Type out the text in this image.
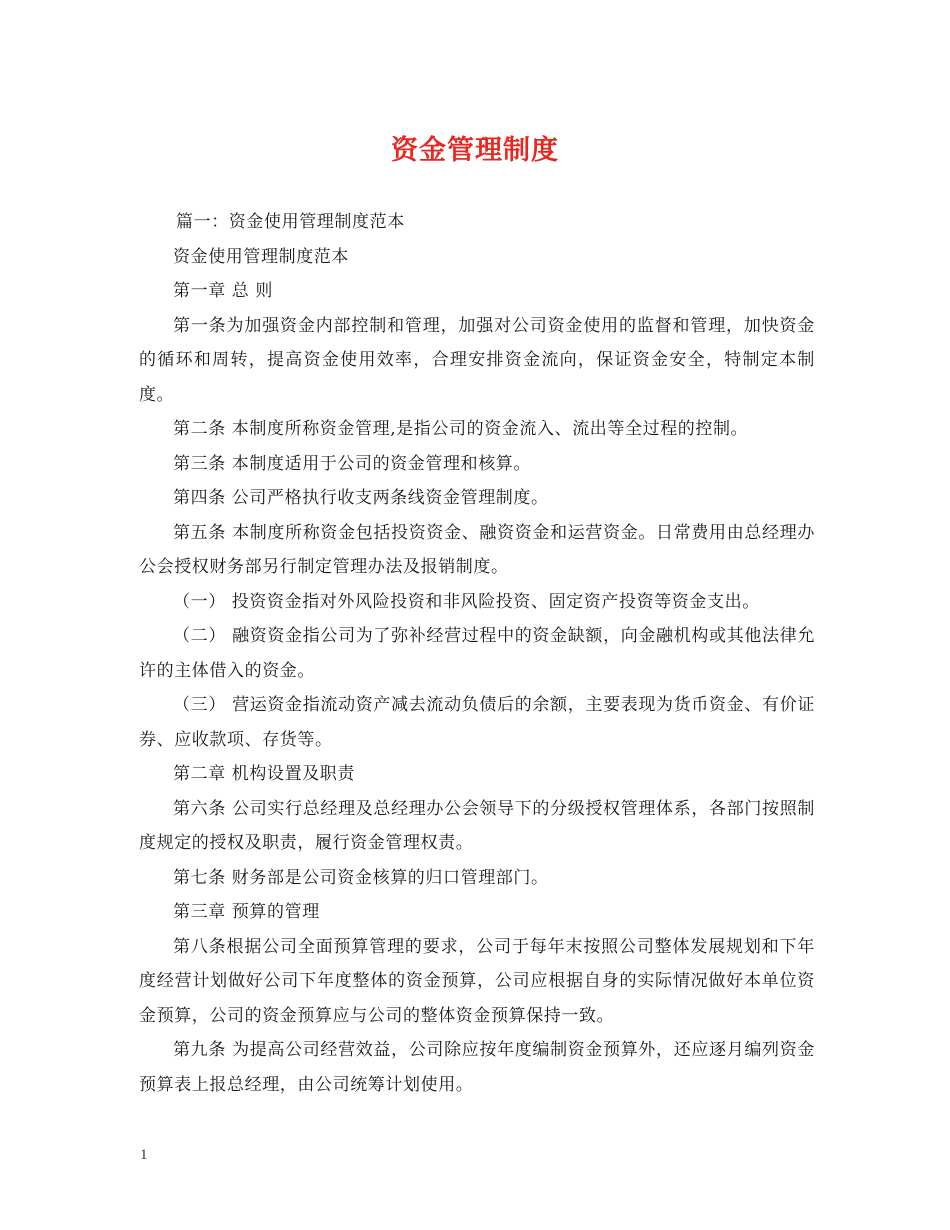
资金管理制度

篇一：资金使用管理制度范本

资金使用管理制度范本

第一章 总 则

第一条为加强资金内部控制和管理，加强对公司资金使用的监督和管理，加快资金的循环和周转，提高资金使用效率，合理安排资金流向，保证资金安全，特制定本制度。

第二条 本制度所称资金管理,是指公司的资金流入、流出等全过程的控制。

第三条 本制度适用于公司的资金管理和核算。

第四条 公司严格执行收支两条线资金管理制度。

第五条 本制度所称资金包括投资资金、融资资金和运营资金。日常费用由总经理办公会授权财务部另行制定管理办法及报销制度。

（一） 投资资金指对外风险投资和非风险投资、固定资产投资等资金支出。

（二） 融资资金指公司为了弥补经营过程中的资金缺额，向金融机构或其他法律允许的主体借入的资金。

（三） 营运资金指流动资产减去流动负债后的余额，主要表现为货币资金、有价证券、应收款项、存货等。

第二章 机构设置及职责

第六条 公司实行总经理及总经理办公会领导下的分级授权管理体系，各部门按照制度规定的授权及职责，履行资金管理权责。

第七条 财务部是公司资金核算的归口管理部门。

第三章 预算的管理

第八条根据公司全面预算管理的要求，公司于每年末按照公司整体发展规划和下年度经营计划做好公司下年度整体的资金预算，公司应根据自身的实际情况做好本单位资金预算，公司的资金预算应与公司的整体资金预算保持一致。

第九条 为提高公司经营效益，公司除应按年度编制资金预算外，还应逐月编列资金预算表上报总经理，由公司统筹计划使用。

1
